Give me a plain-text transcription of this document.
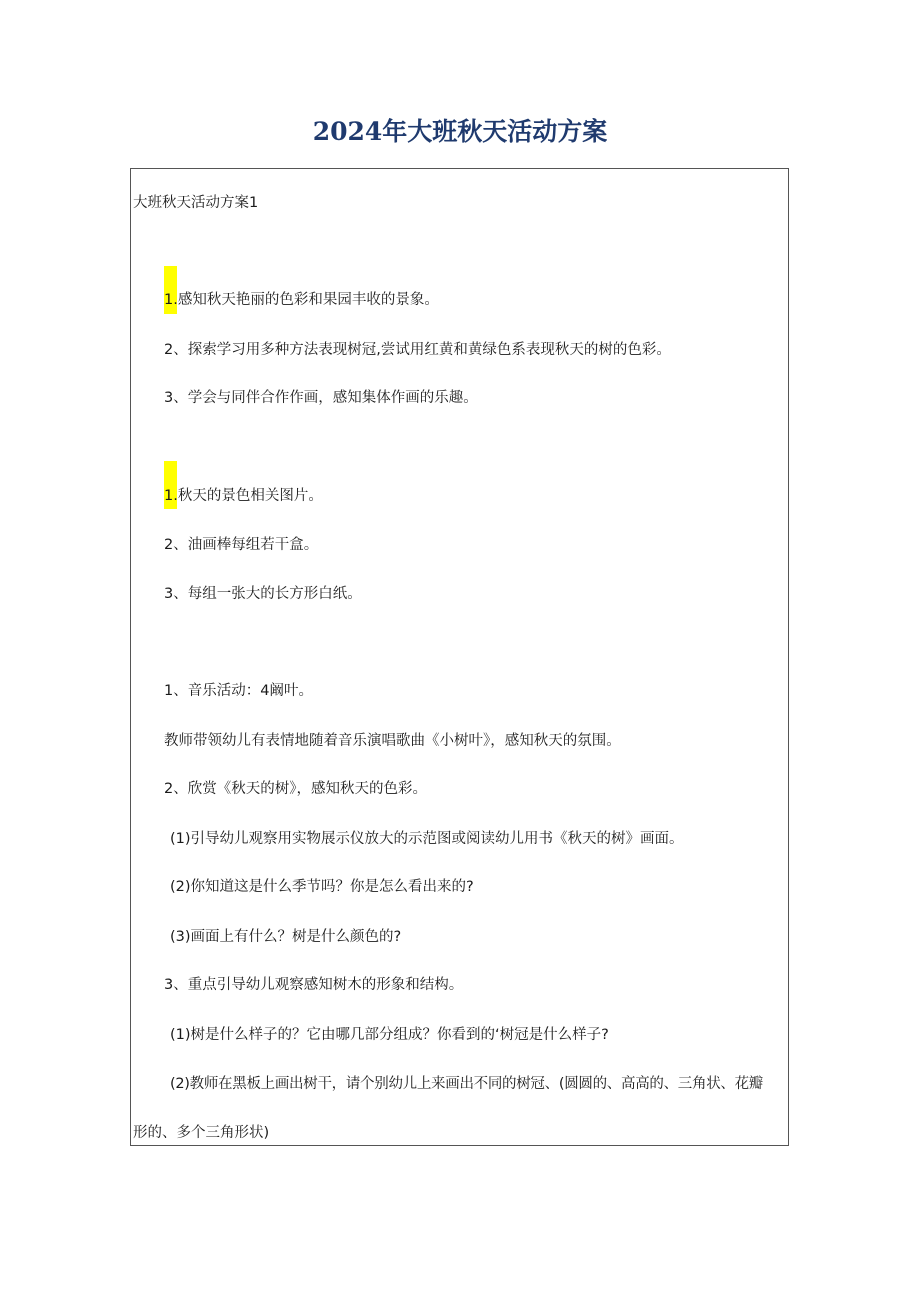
2024年大班秋天活动方案
大班秋天活动方案1
1.感知秋天艳丽的色彩和果园丰收的景象。
2、探索学习用多种方法表现树冠,尝试用红黄和黄绿色系表现秋天的树的色彩。
3、学会与同伴合作作画，感知集体作画的乐趣。
1.秋天的景色相关图片。
2、油画棒每组若干盒。
3、每组一张大的长方形白纸。
1、音乐活动：4阚叶。
教师带领幼儿有表情地随着音乐演唱歌曲《小树叶》，感知秋天的氛围。
2、欣赏《秋天的树》，感知秋天的色彩。
(1)引导幼儿观察用实物展示仪放大的示范图或阅读幼儿用书《秋天的树》画面。
(2)你知道这是什么季节吗？你是怎么看出来的?
(3)画面上有什么？树是什么颜色的?
3、重点引导幼儿观察感知树木的形象和结构。
(1)树是什么样子的？它由哪几部分组成？你看到的‘树冠是什么样子?
(2)教师在黑板上画出树干，请个别幼儿上来画出不同的树冠、(圆圆的、高高的、三角状、花瓣
形的、多个三角形状)
